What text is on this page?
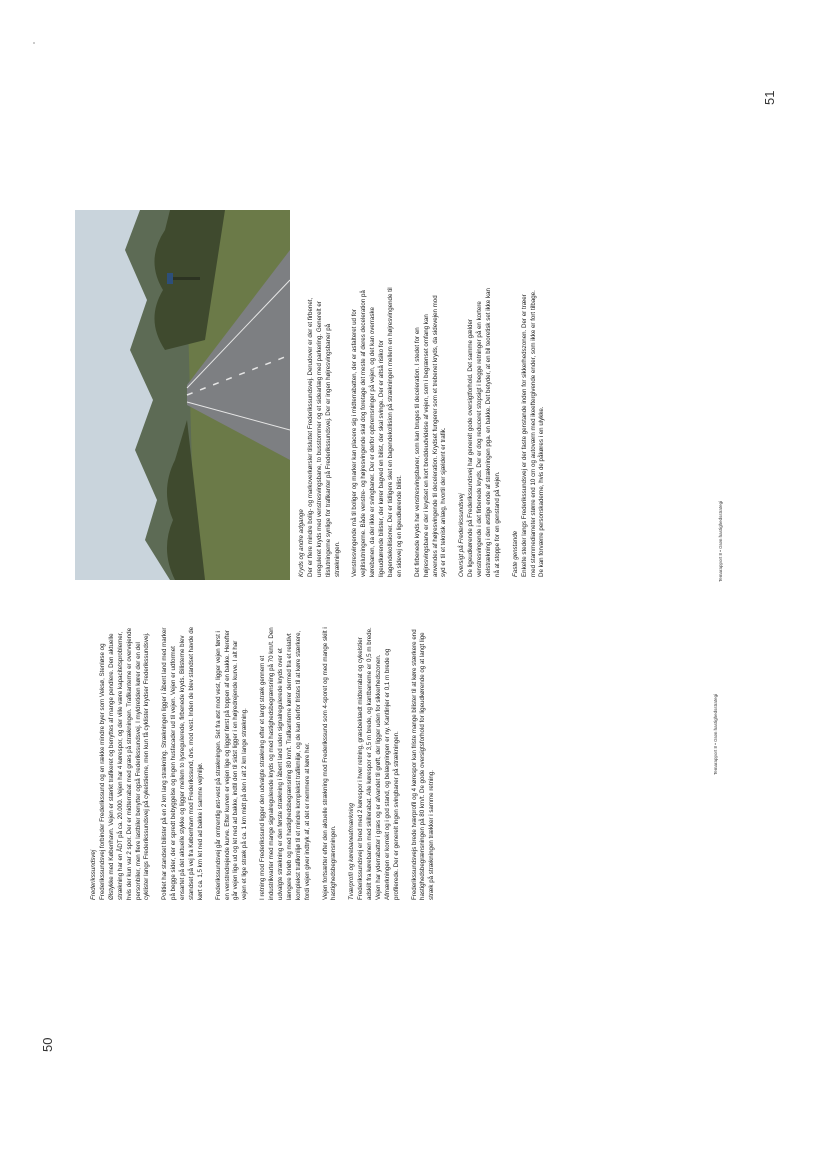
50
Frederikssundsvej Frederikssundsvej forbinder Frederikssund og en række mindre byer som Veksø, Stenløse og Ølstykke med København. Vejen er stærkt trafikeret og benyttes af mange pendlere. Den aktuelle strækning har en ÅDT på ca. 20.000. Vejen har 4 kørespor, og der ville være kapacitetsproblemer, hvis der kun var 2 spor. Der er midterrabat med græs på strækningen. Trafikanterne er overvejende personbiler, men flere lastbiler benytter også Frederikssundsvej. I myldretiden kører der en del cyklister langs Frederikssundsvej på cykelstierne, men kun få cyklister krydser Frederikssundsvej.	Politiet har standset bilister på en 2 km lang strækning. Strækningen ligger i åbent land med marker på begge sider, der er spredt bebyggelse og ingen husfacader ud til vejen. Vejen er udformet ensartet på det aktuelle stykke og ligger mellem to lysreguIerede, firbenede kryds. Bilisterne blev standset på vej fra København mod Frederikssund, dvs. mod vest. Inden de blev standset havde de kørt ca. 1,5 km let ned ad bakke i samme vejmiljø.	Frederikssundsvej går omtrentlig øst-vest på strækningen. Set fra øst mod vest, ligger vejen først i en venstredrejende kurve. Efter kurven er vejen lige og ligger først på toppen af en bakke. Herefter går vejen lige ud og let ned ad bakke, indtil den til sidst ligger i en højredrejende kurve. I alt har vejen et lige stræk på ca. 1 km midt på den i alt 2 km lange strækning.	I retning mod Frederikssund ligger den udvalgte strækning efter et langt stræk gennem et industrikvarter med mange signalregulerede kryds og med hastighedsbegrænsning på 70 km/t. Den udvalgte strækning er den første strækning i åbent land uden signalregulerede kryds over et længere forløb og med hastighedsbegrænsning 80 km/t. Trafikanterne kører dermed fra et relativt komplekst trafikmiljø til et mindre komplekst trafikmiljø, og de kan derfor fristes til at køre stærkere, fordi vejen giver indtryk af, at det er nemmere at køre her.	Vejen fortsætter efter den aktuelle strækning mod Frederikssund som 4-sporet og med mange skilt i hastighedsbegrænsningen.	Tværprofil og kørebaneafmærkning Frederikssundsvej er bred med 2 kørespor i hver retning, græsbeklædt midterrabat og cykelstier adskilt fra kørebanen med skillerabat. Alle kørespor er 3,5 m brede, og kantbanerne er 0,5 m brede. Vejen har yderrabatter i græs og er afvandet til grøft, der ligger uden for sikkerhedszonen. Afmærkningen er korrekt og i god stand, og belægningen er ny. Kantlinjer er 0,1 m brede og profilerede. Der er generelt ingen svingbaner på strækningen.	Frederikssundsvejs brede tværprofil og 4 kørespor kan friste mange bilister til at køre stærkere end hastighedsbegrænsningen på 80 km/t. De gode oversigtsforhold for ligeudkørende og at langt lige stræk på strækningen trækker i samme retning.

Temarapport 8 • Grøn hastighedsstrategi
Kryds og andre adgange Der er flere mindre bolig- og markoverkørsler tilsluttet Frederikssundsvej. Derudover er der et firbenet, ureguleret kryds med venstresvingsbane, to busstommer og et sidearlæg med parkering. Generelt er tilslutningerne synlige for trafikanter på Frederikssundsvej. Der er ingen højresvingsbaner på strækningen.	Venstresvingende må til boliger og marker kan placere sig i midterrabatten, der er asfalteret ud for vejtilslutningerne. Både venstre- og højresvingende skal dog foretage det meste af deres deceleration på kørebanen, da der ikke er svingbaner. Der er derfor opbremsninger på vejen, og det kan overraske ligeudkørende bilister, der kører bagved en bilist, der skal svinge. Der er altså risiko for bagendekollisioner. Der er tidligere sket en bagendekollision på strækningen mellem en højresvingende til en sidevej og en ligeudkørende bilist.	Det firbenede kryds har venstresvingsbaner, som kan bruges til deceleration. I stedet for en højresvingsbane er der i krydset en kort breddeudvidelse af vejen, som i begrænset omfang kan anvendes af højresvingende til deceleration. Krydset fungerer som et trebenet kryds, da sidevejen mod syd er til et teknisk anlæg, hvortil der sjældent er trafik.	Oversigt på Frederikssundsvej De ligeudkørende på Frederikssundsvej har generelt gode oversigtforhold. Det samme gælder venstresvingende i det firbenede kryds. Der er dog reduceret stopsigt i begge retninger på en kortere delstrækning i den østlige ende af strækningen pga. en bakke. Det betyder, at en bil teoretisk set ikke kan nå at stoppe for en genstand på vejen.	Faste genstande Enkelte steder langs Frederikssundsvej er der faste genstande inden for sikkerhedszonen. Der er træer med stammediameter større end 10 cm og autoværn med ikeeftergivende ender, som ikke er fort tilbage. De kan forværre personskaderne, hvis de påkøres i en ulykke.	Temarapport 8 • Grøn hastighedsstrategi
51
